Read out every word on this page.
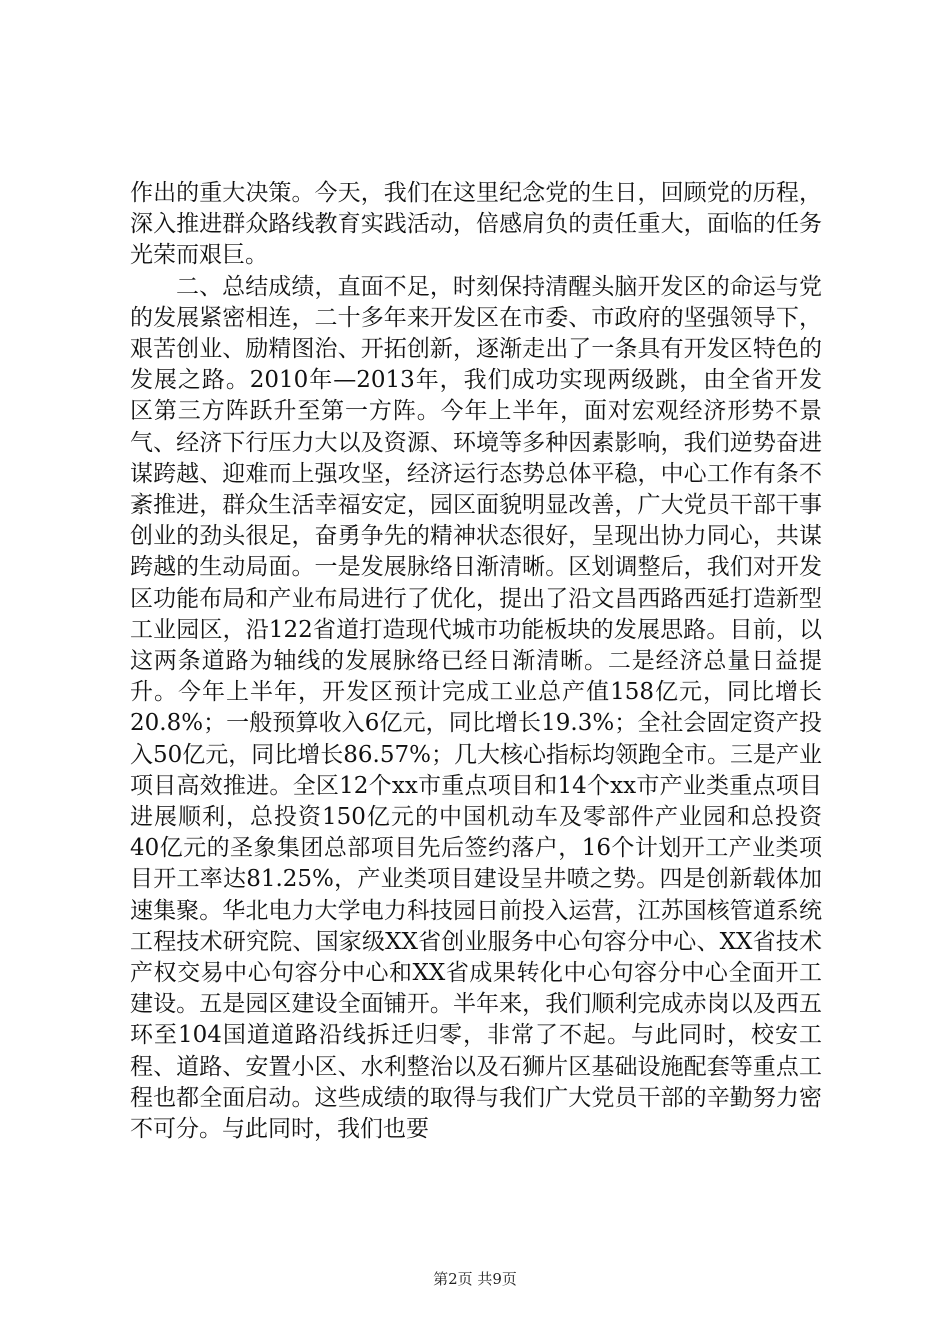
作出的重大决策。今天，我们在这里纪念党的生日，回顾党的历程，深入推进群众路线教育实践活动，倍感肩负的责任重大，面临的任务光荣而艰巨。

二、总结成绩，直面不足，时刻保持清醒头脑开发区的命运与党的发展紧密相连，二十多年来开发区在市委、市政府的坚强领导下，艰苦创业、励精图治、开拓创新，逐渐走出了一条具有开发区特色的发展之路。2010年—2013年，我们成功实现两级跳，由全省开发区第三方阵跃升至第一方阵。今年上半年，面对宏观经济形势不景气、经济下行压力大以及资源、环境等多种因素影响，我们逆势奋进谋跨越、迎难而上强攻坚，经济运行态势总体平稳，中心工作有条不紊推进，群众生活幸福安定，园区面貌明显改善，广大党员干部干事创业的劲头很足，奋勇争先的精神状态很好，呈现出协力同心，共谋跨越的生动局面。一是发展脉络日渐清晰。区划调整后，我们对开发区功能布局和产业布局进行了优化，提出了沿文昌西路西延打造新型工业园区，沿122省道打造现代城市功能板块的发展思路。目前，以这两条道路为轴线的发展脉络已经日渐清晰。二是经济总量日益提升。今年上半年，开发区预计完成工业总产值158亿元，同比增长20.8%；一般预算收入6亿元，同比增长19.3%；全社会固定资产投入50亿元，同比增长86.57%；几大核心指标均领跑全市。三是产业项目高效推进。全区12个xx市重点项目和14个xx市产业类重点项目进展顺利，总投资150亿元的中国机动车及零部件产业园和总投资40亿元的圣象集团总部项目先后签约落户，16个计划开工产业类项目开工率达81.25%，产业类项目建设呈井喷之势。四是创新载体加速集聚。华北电力大学电力科技园日前投入运营，江苏国核管道系统工程技术研究院、国家级XX省创业服务中心句容分中心、XX省技术产权交易中心句容分中心和XX省成果转化中心句容分中心全面开工建设。五是园区建设全面铺开。半年来，我们顺利完成赤岗以及西五环至104国道道路沿线拆迁归零，非常了不起。与此同时，校安工程、道路、安置小区、水利整治以及石狮片区基础设施配套等重点工程也都全面启动。这些成绩的取得与我们广大党员干部的辛勤努力密不可分。与此同时，我们也要

第2页 共9页
